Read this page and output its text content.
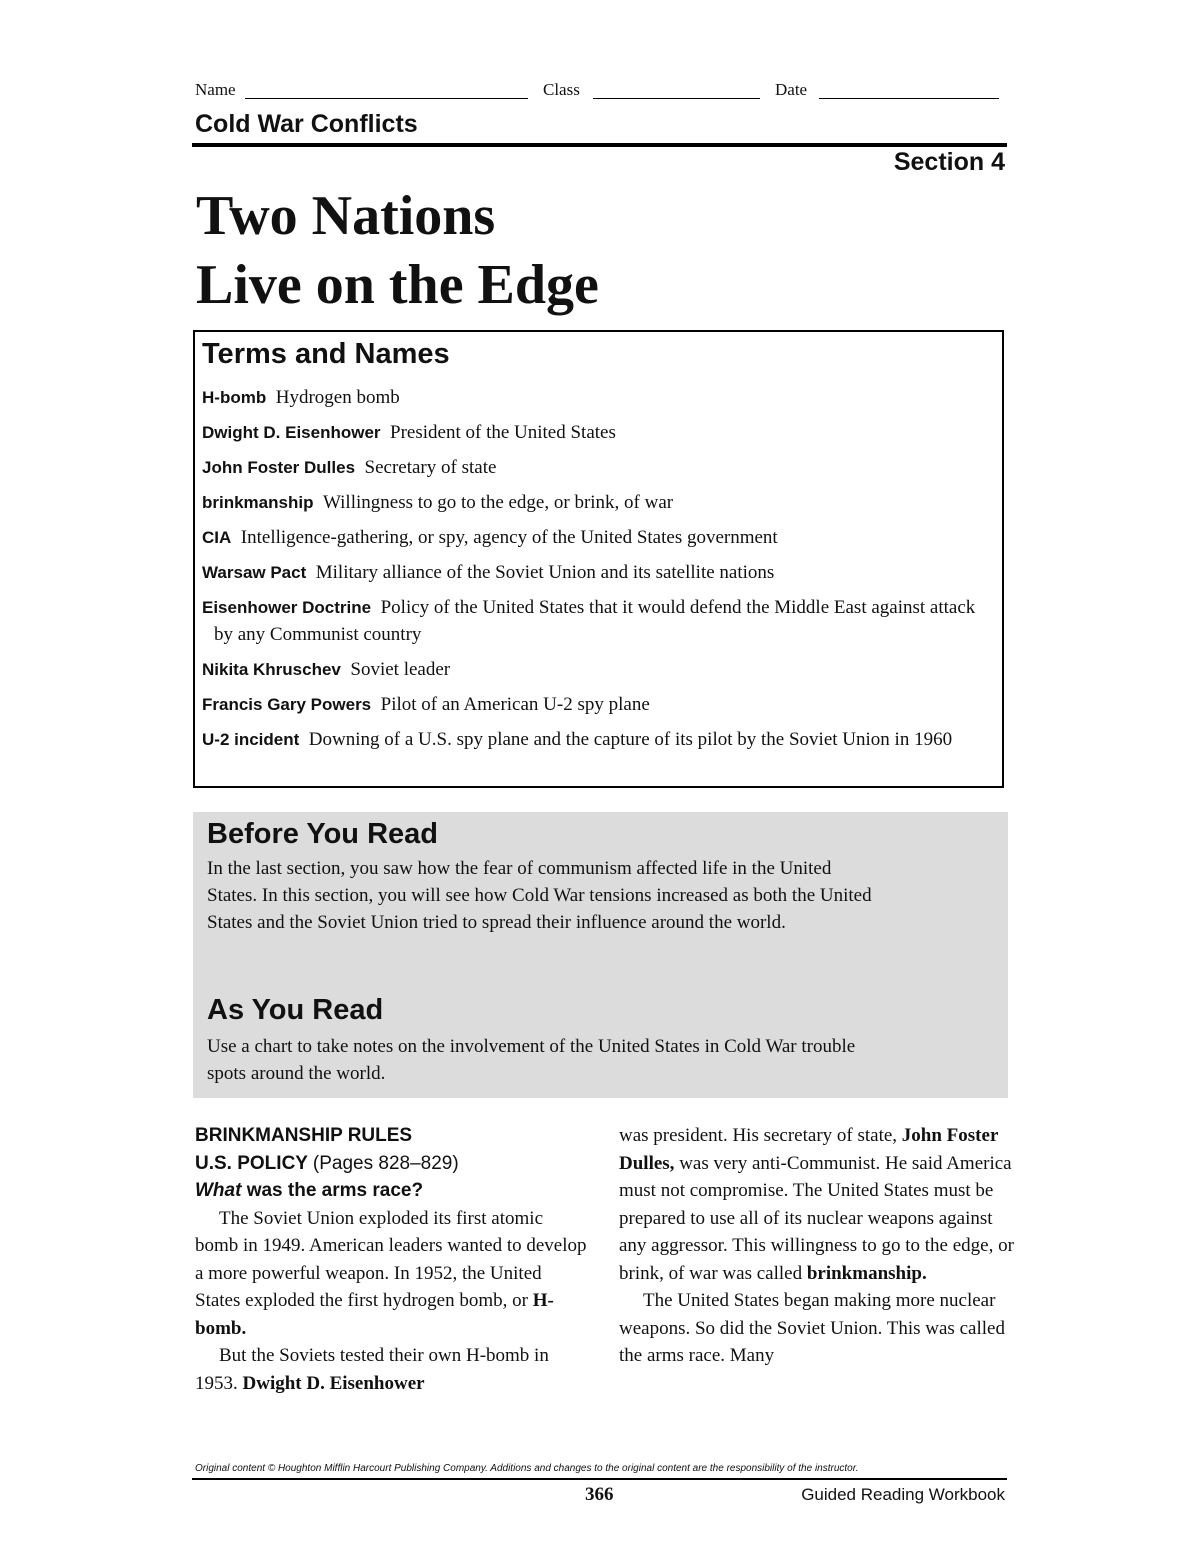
Name	Class	Date
Cold War Conflicts
Section 4
Two Nations
Live on the Edge
Terms and Names
H-bomb Hydrogen bomb
Dwight D. Eisenhower President of the United States
John Foster Dulles Secretary of state
brinkmanship Willingness to go to the edge, or brink, of war
CIA Intelligence-gathering, or spy, agency of the United States government
Warsaw Pact Military alliance of the Soviet Union and its satellite nations
Eisenhower Doctrine Policy of the United States that it would defend the Middle East against attack by any Communist country
Nikita Khruschev Soviet leader
Francis Gary Powers Pilot of an American U-2 spy plane
U-2 incident Downing of a U.S. spy plane and the capture of its pilot by the Soviet Union in 1960
Before You Read
In the last section, you saw how the fear of communism affected life in the United States. In this section, you will see how Cold War tensions increased as both the United States and the Soviet Union tried to spread their influence around the world.
As You Read
Use a chart to take notes on the involvement of the United States in Cold War trouble spots around the world.

BRINKMANSHIP RULES

U.S. POLICY (Pages 828–829)

What was the arms race?

The Soviet Union exploded its first atomic bomb in 1949. American leaders wanted to develop a more powerful weapon. In 1952, the United States exploded the first hydrogen bomb, or H-bomb.

But the Soviets tested their own H-bomb in 1953. Dwight D. Eisenhower

was president. His secretary of state, John Foster Dulles, was very anti-Communist. He said America must not compromise. The United States must be prepared to use all of its nuclear weapons against any aggressor. This willingness to go to the edge, or brink, of war was called brinkmanship.

The United States began making more nuclear weapons. So did the Soviet Union. This was called the arms race. Many

Original content © Houghton Mifflin Harcourt Publishing Company. Additions and changes to the original content are the responsibility of the instructor.
366	Guided Reading Workbook
